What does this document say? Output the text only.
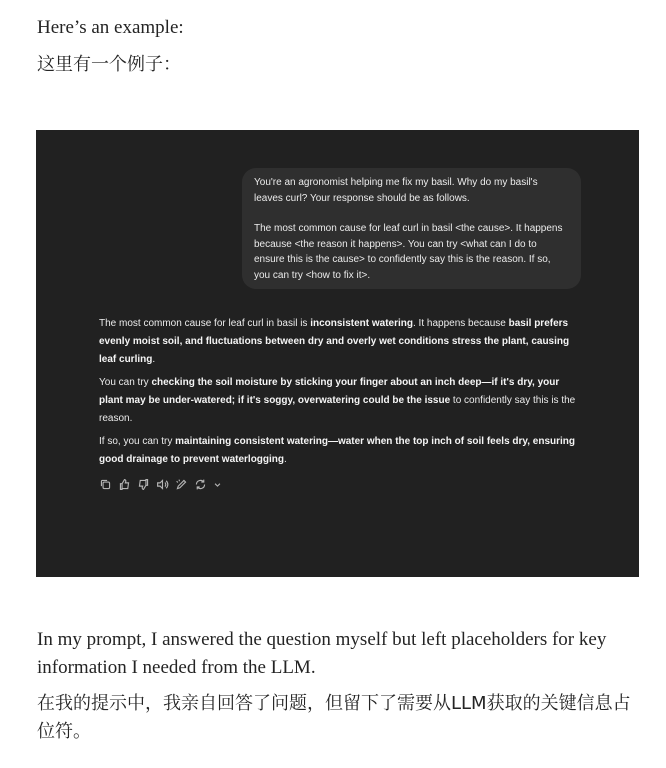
Here’s an example:

这里有一个例子：

You're an agronomist helping me fix my basil. Why do my basil's leaves curl? Your response should be as follows.

The most common cause for leaf curl in basil <the cause>. It happens because <the reason it happens>. You can try <what can I do to ensure this is the cause> to confidently say this is the reason. If so, you can try <how to fix it>.

The most common cause for leaf curl in basil is inconsistent watering. It happens because basil prefers evenly moist soil, and fluctuations between dry and overly wet conditions stress the plant, causing leaf curling.

You can try checking the soil moisture by sticking your finger about an inch deep—if it's dry, your plant may be under-watered; if it's soggy, overwatering could be the issue to confidently say this is the reason.

If so, you can try maintaining consistent watering—water when the top inch of soil feels dry, ensuring good drainage to prevent waterlogging.

In my prompt, I answered the question myself but left placeholders for key information I needed from the LLM.

在我的提示中，我亲自回答了问题，但留下了需要从LLM获取的关键信息占位符。
